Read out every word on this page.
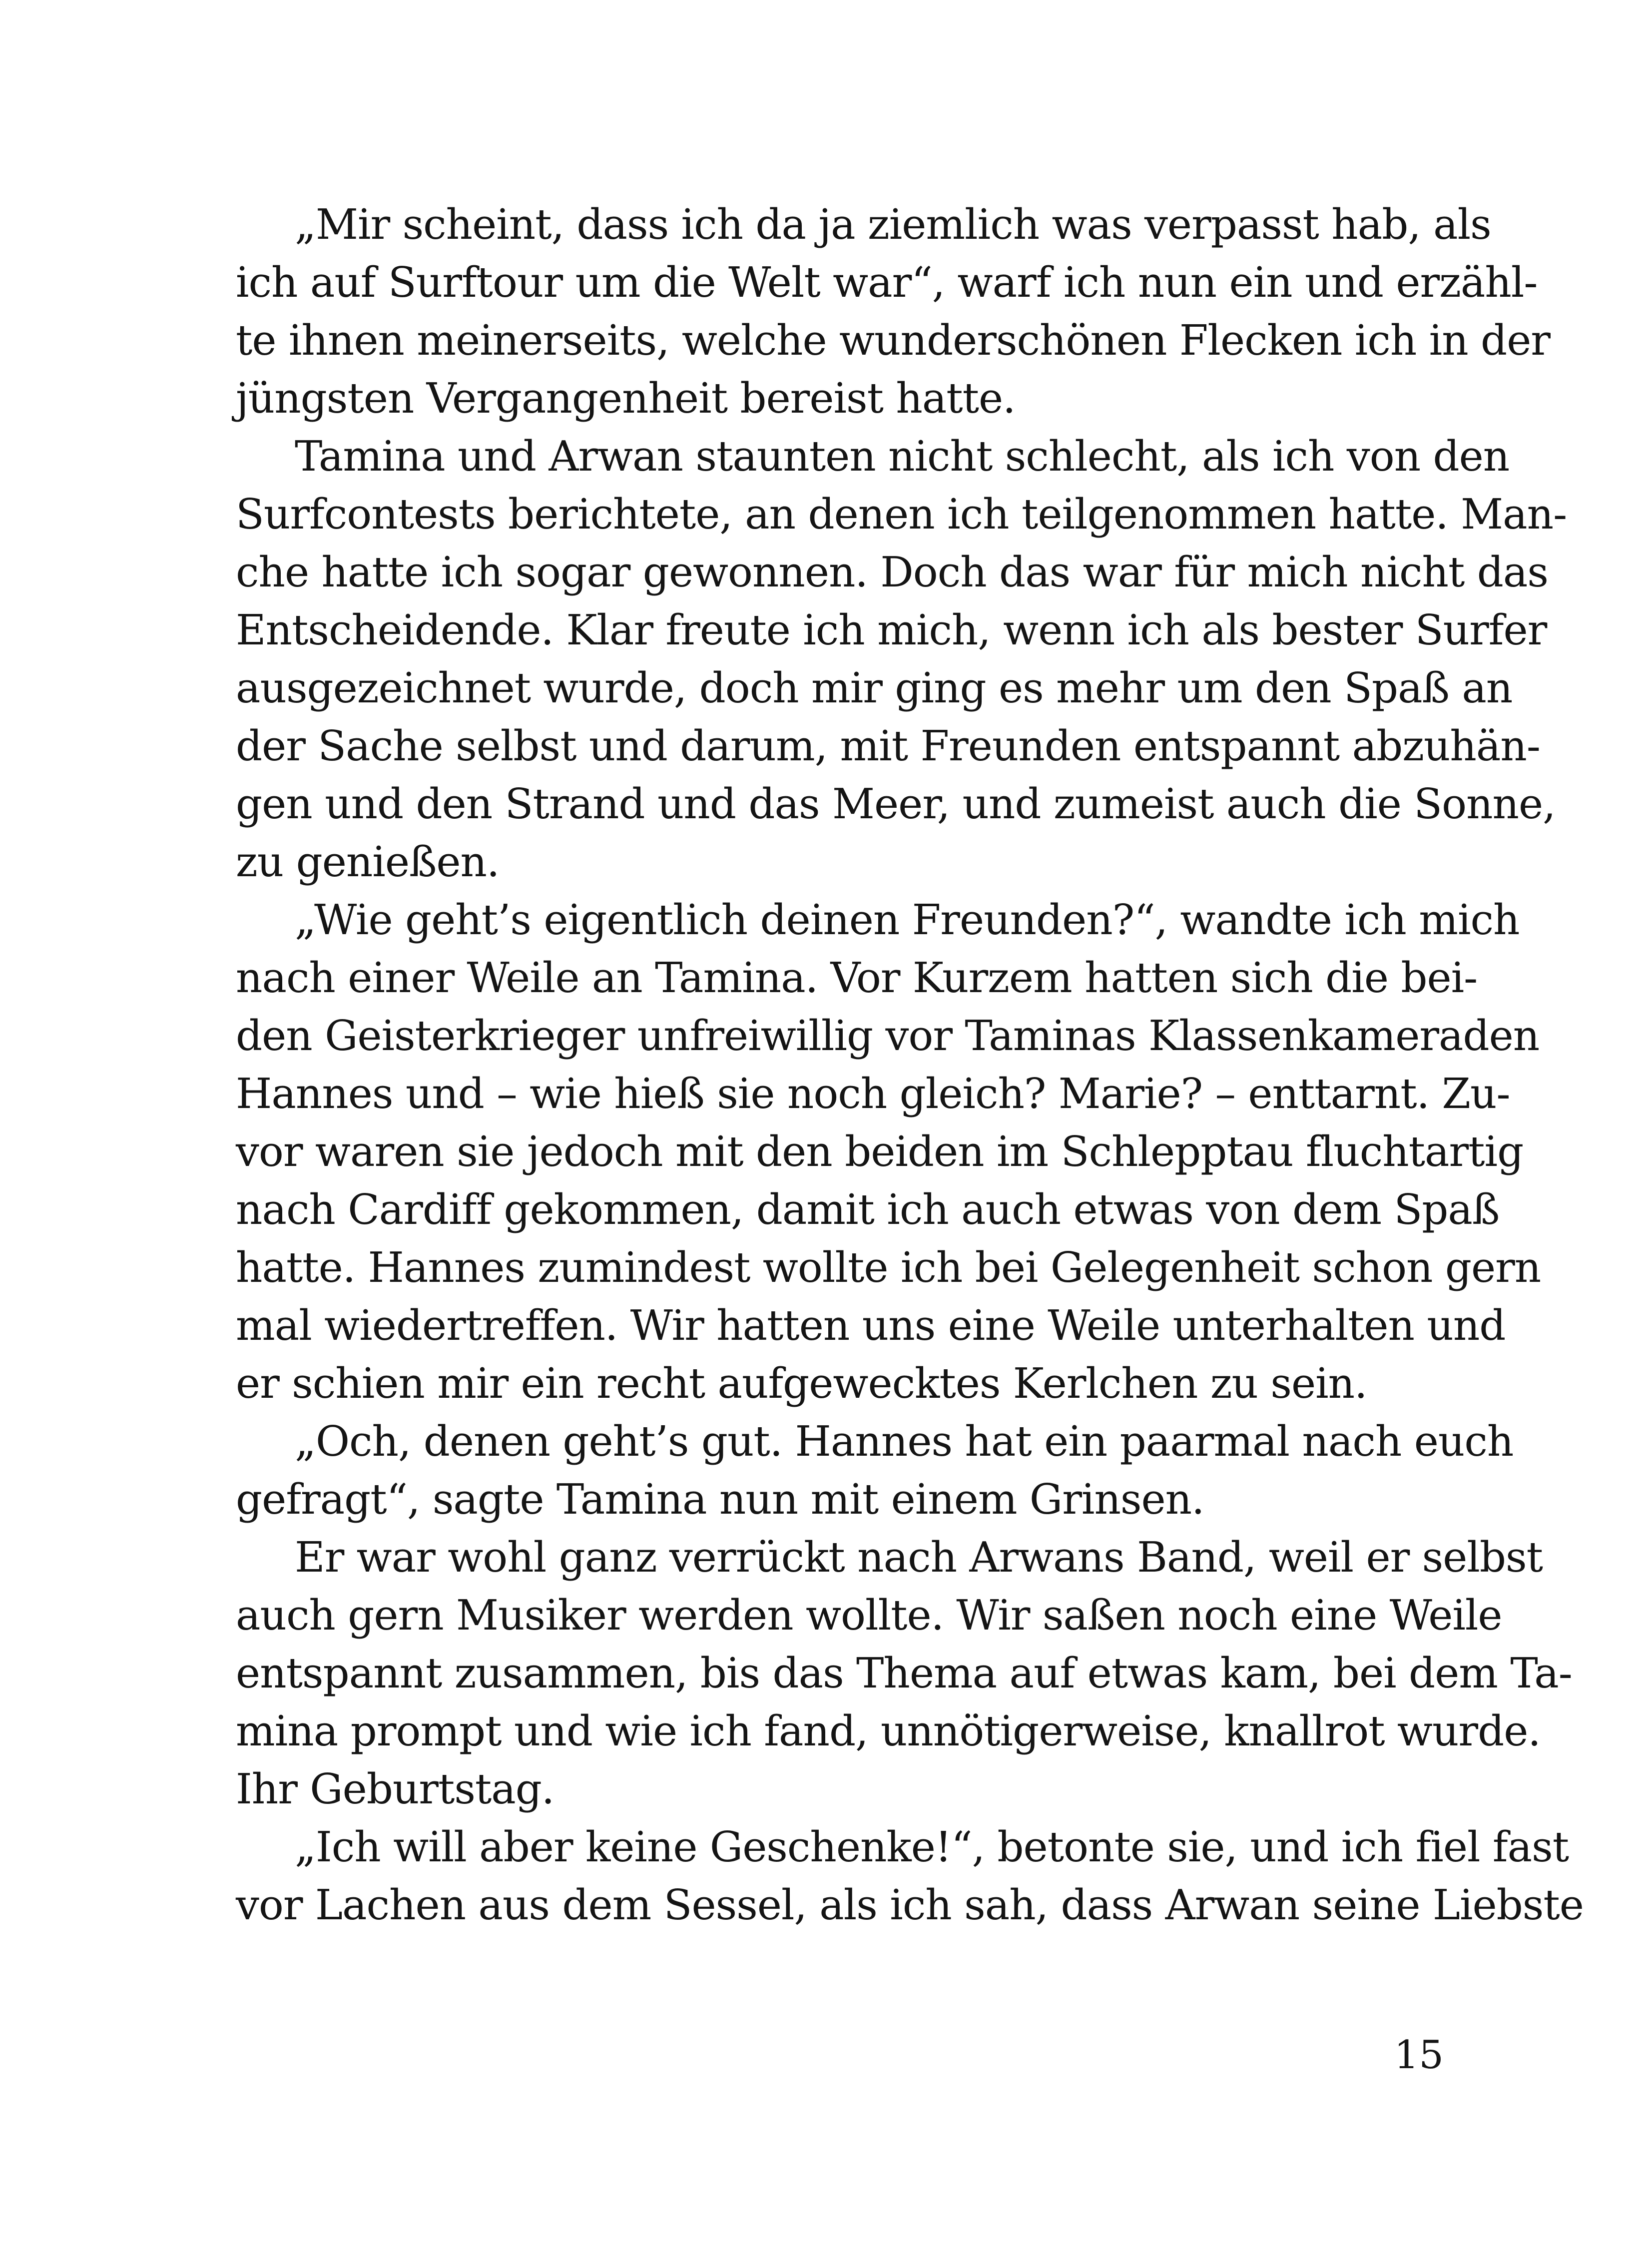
„Mir scheint, dass ich da ja ziemlich was verpasst hab, als
ich auf Surftour um die Welt war“, warf ich nun ein und erzähl-
te ihnen meinerseits, welche wunderschönen Flecken ich in der
jüngsten Vergangenheit bereist hatte.
Tamina und Arwan staunten nicht schlecht, als ich von den
Surfcontests berichtete, an denen ich teilgenommen hatte. Man-
che hatte ich sogar gewonnen. Doch das war für mich nicht das
Entscheidende. Klar freute ich mich, wenn ich als bester Surfer
ausgezeichnet wurde, doch mir ging es mehr um den Spaß an
der Sache selbst und darum, mit Freunden entspannt abzuhän-
gen und den Strand und das Meer, und zumeist auch die Sonne,
zu genießen.
„Wie geht’s eigentlich deinen Freunden?“, wandte ich mich
nach einer Weile an Tamina. Vor Kurzem hatten sich die bei-
den Geisterkrieger unfreiwillig vor Taminas Klassenkameraden
Hannes und – wie hieß sie noch gleich? Marie? – enttarnt. Zu-
vor waren sie jedoch mit den beiden im Schlepptau fluchtartig
nach Cardiff gekommen, damit ich auch etwas von dem Spaß
hatte. Hannes zumindest wollte ich bei Gelegenheit schon gern
mal wiedertreffen. Wir hatten uns eine Weile unterhalten und
er schien mir ein recht aufgewecktes Kerlchen zu sein.
„Och, denen geht’s gut. Hannes hat ein paarmal nach euch
gefragt“, sagte Tamina nun mit einem Grinsen.
Er war wohl ganz verrückt nach Arwans Band, weil er selbst
auch gern Musiker werden wollte. Wir saßen noch eine Weile
entspannt zusammen, bis das Thema auf etwas kam, bei dem Ta-
mina prompt und wie ich fand, unnötigerweise, knallrot wurde.
Ihr Geburtstag.
„Ich will aber keine Geschenke!“, betonte sie, und ich fiel fast
vor Lachen aus dem Sessel, als ich sah, dass Arwan seine Liebste
15
